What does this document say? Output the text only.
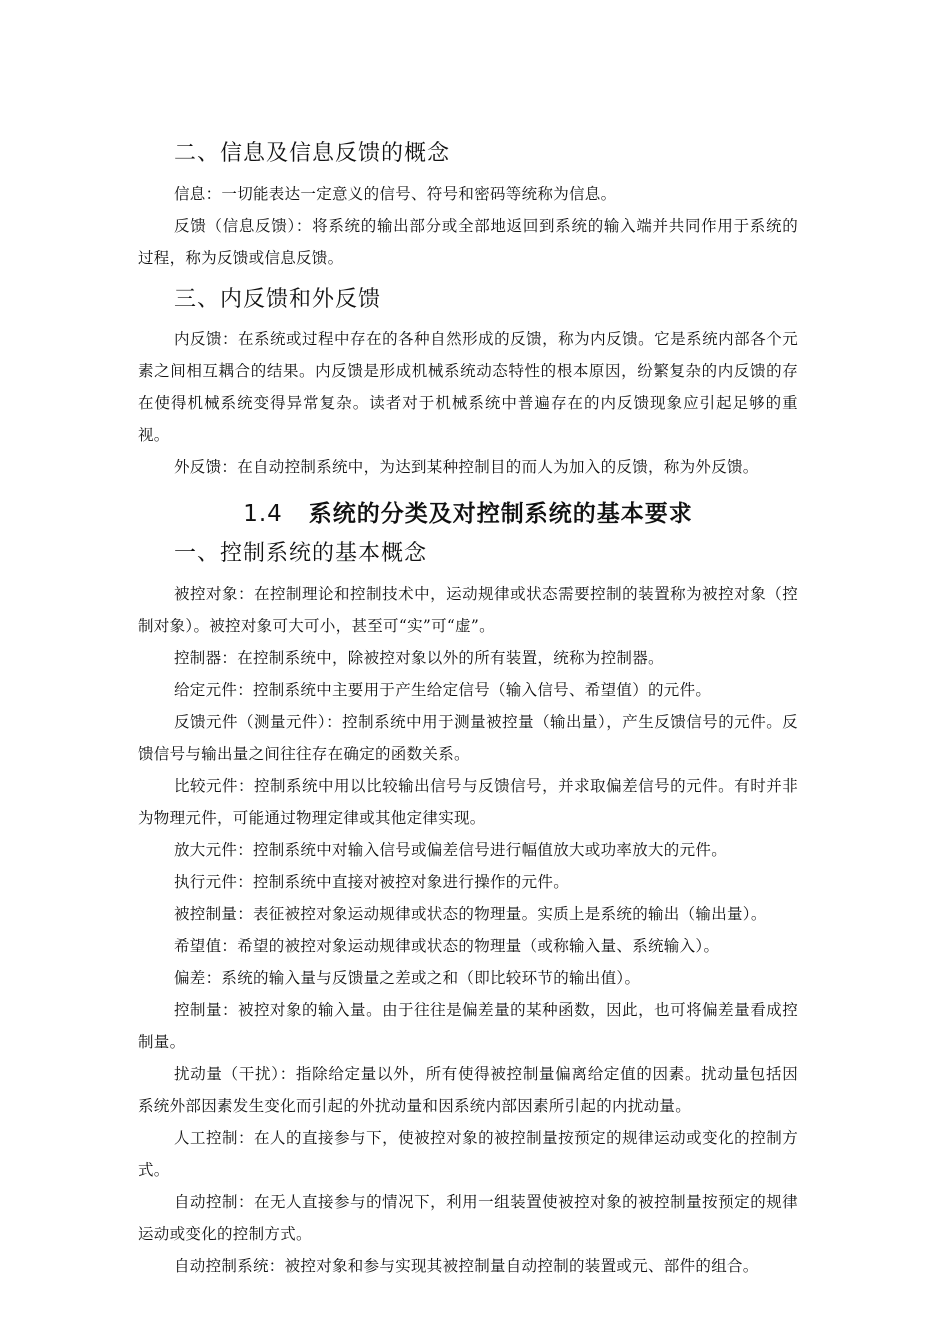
二、信息及信息反馈的概念

信息：一切能表达一定意义的信号、符号和密码等统称为信息。

反馈（信息反馈）：将系统的输出部分或全部地返回到系统的输入端并共同作用于系统的过程，称为反馈或信息反馈。

三、内反馈和外反馈

内反馈：在系统或过程中存在的各种自然形成的反馈，称为内反馈。它是系统内部各个元素之间相互耦合的结果。内反馈是形成机械系统动态特性的根本原因，纷繁复杂的内反馈的存在使得机械系统变得异常复杂。读者对于机械系统中普遍存在的内反馈现象应引起足够的重视。

外反馈：在自动控制系统中，为达到某种控制目的而人为加入的反馈，称为外反馈。

1.4 系统的分类及对控制系统的基本要求
一、控制系统的基本概念

被控对象：在控制理论和控制技术中，运动规律或状态需要控制的装置称为被控对象（控制对象）。被控对象可大可小，甚至可“实”可“虚”。

控制器：在控制系统中，除被控对象以外的所有装置，统称为控制器。

给定元件：控制系统中主要用于产生给定信号（输入信号、希望值）的元件。

反馈元件（测量元件）：控制系统中用于测量被控量（输出量），产生反馈信号的元件。反馈信号与输出量之间往往存在确定的函数关系。

比较元件：控制系统中用以比较输出信号与反馈信号，并求取偏差信号的元件。有时并非为物理元件，可能通过物理定律或其他定律实现。

放大元件：控制系统中对输入信号或偏差信号进行幅值放大或功率放大的元件。

执行元件：控制系统中直接对被控对象进行操作的元件。

被控制量：表征被控对象运动规律或状态的物理量。实质上是系统的输出（输出量）。

希望值：希望的被控对象运动规律或状态的物理量（或称输入量、系统输入）。

偏差：系统的输入量与反馈量之差或之和（即比较环节的输出值）。

控制量：被控对象的输入量。由于往往是偏差量的某种函数，因此，也可将偏差量看成控制量。

扰动量（干扰）：指除给定量以外，所有使得被控制量偏离给定值的因素。扰动量包括因系统外部因素发生变化而引起的外扰动量和因系统内部因素所引起的内扰动量。

人工控制：在人的直接参与下，使被控对象的被控制量按预定的规律运动或变化的控制方式。

自动控制：在无人直接参与的情况下，利用一组装置使被控对象的被控制量按预定的规律运动或变化的控制方式。

自动控制系统：被控对象和参与实现其被控制量自动控制的装置或元、部件的组合。
